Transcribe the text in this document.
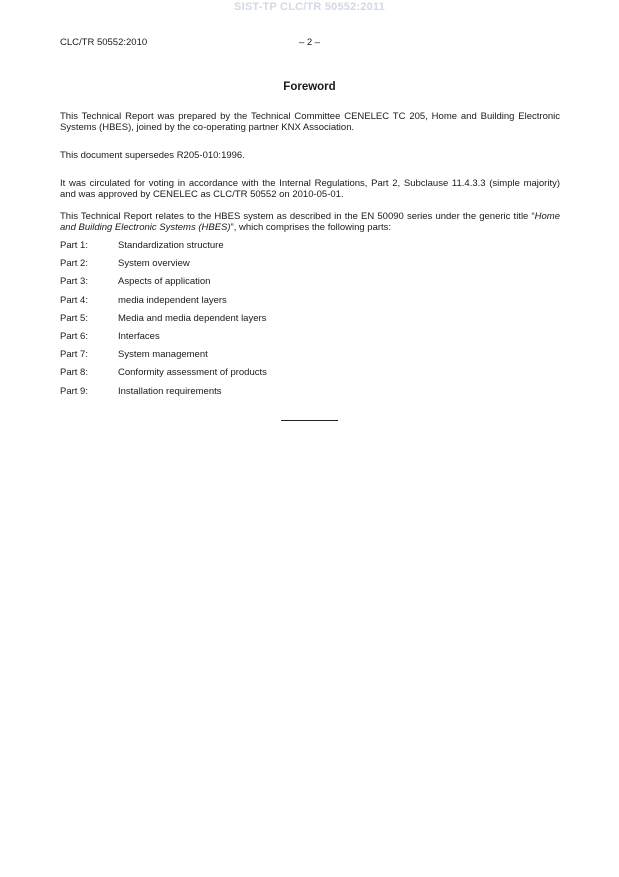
SIST-TP CLC/TR 50552:2011
CLC/TR 50552:2010	– 2 –
Foreword

This Technical Report was prepared by the Technical Committee CENELEC TC 205, Home and Building Electronic Systems (HBES), joined by the co-operating partner KNX Association.

This document supersedes R205-010:1996.

It was circulated for voting in accordance with the Internal Regulations, Part 2, Subclause 11.4.3.3 (simple majority) and was approved by CENELEC as CLC/TR 50552 on 2010-05-01.

This Technical Report relates to the HBES system as described in the EN 50090 series under the generic title “Home and Building Electronic Systems (HBES)”, which comprises the following parts:

Part 1:	Standardization structure
Part 2:	System overview
Part 3:	Aspects of application
Part 4:	media independent layers
Part 5:	Media and media dependent layers
Part 6:	Interfaces
Part 7:	System management
Part 8:	Conformity assessment of products
Part 9:	Installation requirements
